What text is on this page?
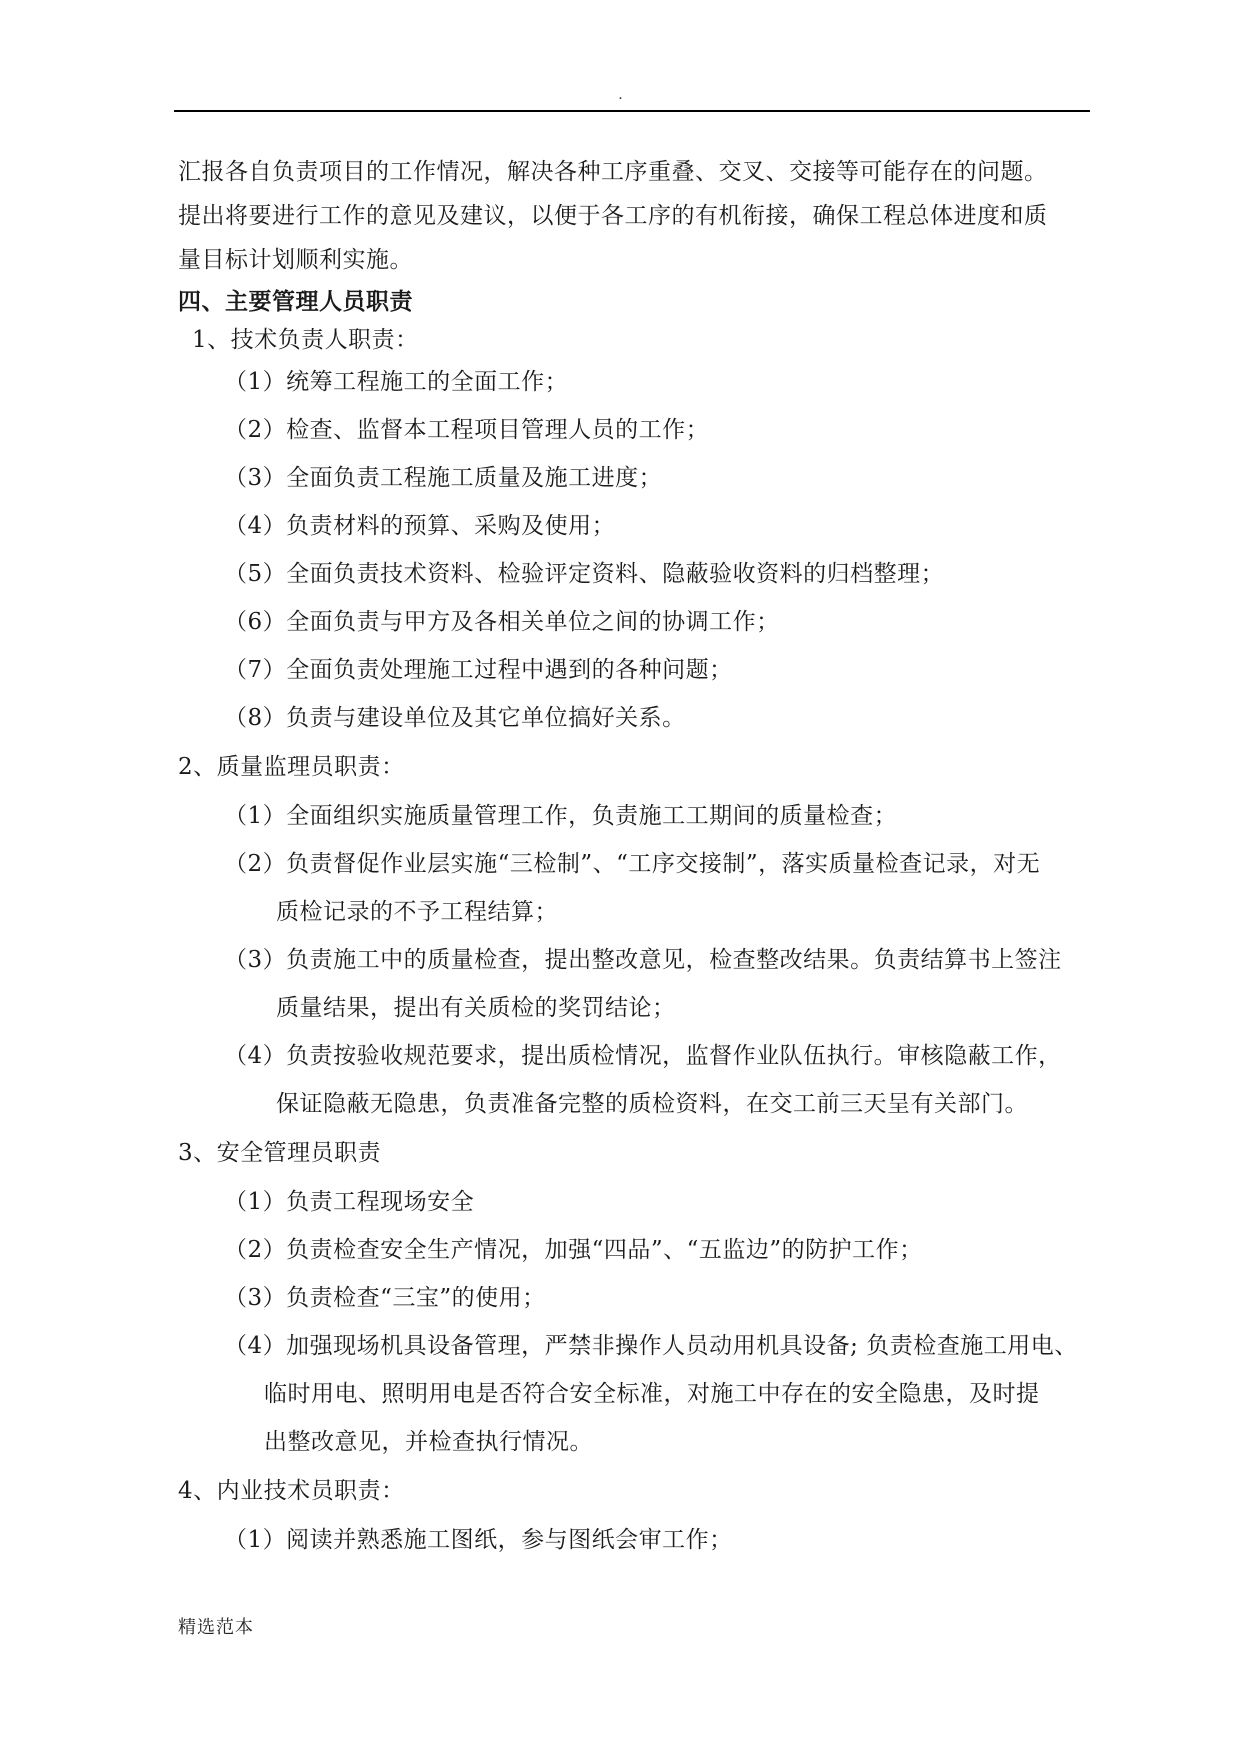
.

汇报各自负责项目的工作情况，解决各种工序重叠、交叉、交接等可能存在的问题。
提出将要进行工作的意见及建议，以便于各工序的有机衔接，确保工程总体进度和质
量目标计划顺利实施。

四、主要管理人员职责

1、技术负责人职责：

（1）统筹工程施工的全面工作；
（2）检查、监督本工程项目管理人员的工作；
（3）全面负责工程施工质量及施工进度；
（4）负责材料的预算、采购及使用；
（5）全面负责技术资料、检验评定资料、隐蔽验收资料的归档整理；
（6）全面负责与甲方及各相关单位之间的协调工作；
（7）全面负责处理施工过程中遇到的各种问题；
（8）负责与建设单位及其它单位搞好关系。

2、质量监理员职责：

（1）全面组织实施质量管理工作，负责施工工期间的质量检查；
（2）负责督促作业层实施“三检制”、“工序交接制”，落实质量检查记录，对无
质检记录的不予工程结算；
（3）负责施工中的质量检查，提出整改意见，检查整改结果。负责结算书上签注
质量结果，提出有关质检的奖罚结论；
（4）负责按验收规范要求，提出质检情况，监督作业队伍执行。审核隐蔽工作，
保证隐蔽无隐患，负责准备完整的质检资料，在交工前三天呈有关部门。

3、安全管理员职责

（1）负责工程现场安全
（2）负责检查安全生产情况，加强“四品”、“五监边”的防护工作；
（3）负责检查“三宝”的使用；
（4）加强现场机具设备管理，严禁非操作人员动用机具设备; 负责检查施工用电、
临时用电、照明用电是否符合安全标准，对施工中存在的安全隐患，及时提
出整改意见，并检查执行情况。

4、内业技术员职责：

（1）阅读并熟悉施工图纸，参与图纸会审工作；
精选范本
